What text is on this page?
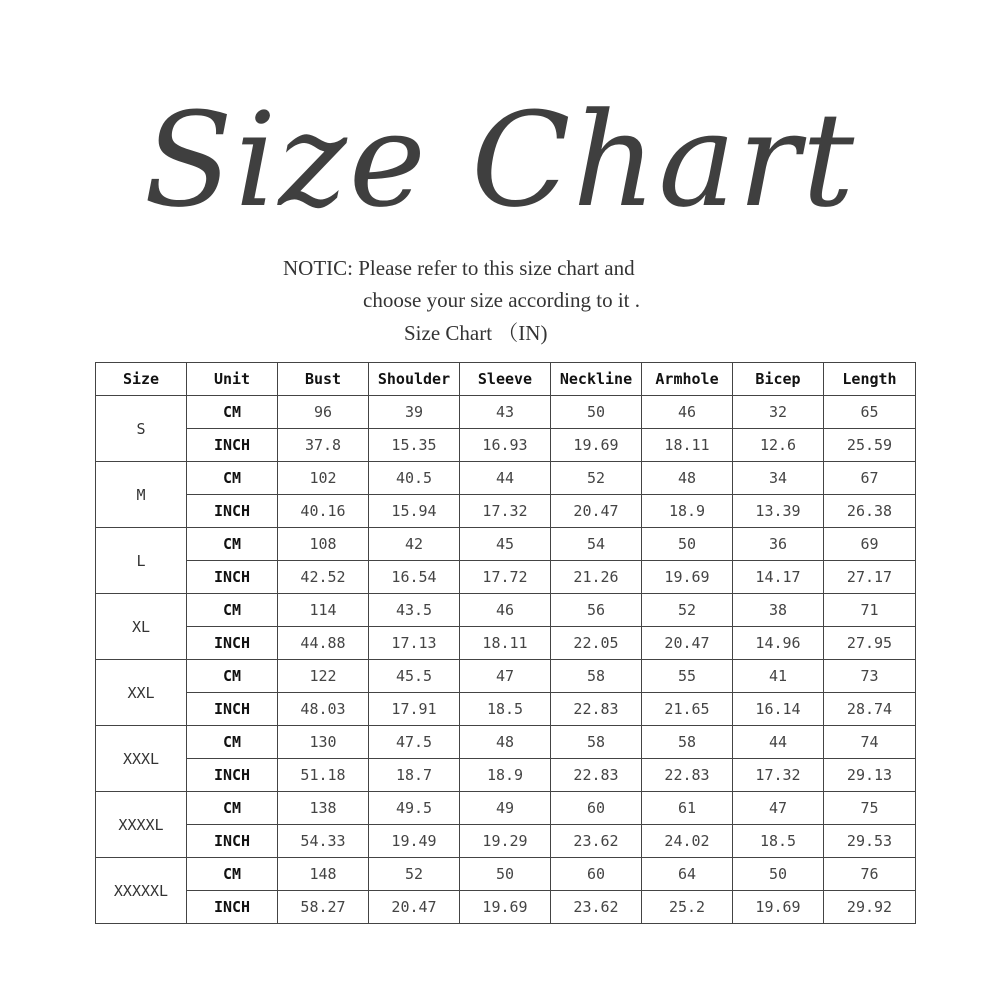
Size Chart
NOTIC: Please refer to this size chart and
choose your size according to it .
Size Chart （IN)
Size	Unit	Bust	Shoulder	Sleeve	Neckline	Armhole	Bicep	Length
S	CM	96	39	43	50	46	32	65
	INCH	37.8	15.35	16.93	19.69	18.11	12.6	25.59
M	CM	102	40.5	44	52	48	34	67
	INCH	40.16	15.94	17.32	20.47	18.9	13.39	26.38
L	CM	108	42	45	54	50	36	69
	INCH	42.52	16.54	17.72	21.26	19.69	14.17	27.17
XL	CM	114	43.5	46	56	52	38	71
	INCH	44.88	17.13	18.11	22.05	20.47	14.96	27.95
XXL	CM	122	45.5	47	58	55	41	73
	INCH	48.03	17.91	18.5	22.83	21.65	16.14	28.74
XXXL	CM	130	47.5	48	58	58	44	74
	INCH	51.18	18.7	18.9	22.83	22.83	17.32	29.13
XXXXL	CM	138	49.5	49	60	61	47	75
	INCH	54.33	19.49	19.29	23.62	24.02	18.5	29.53
XXXXXL	CM	148	52	50	60	64	50	76
	INCH	58.27	20.47	19.69	23.62	25.2	19.69	29.92
